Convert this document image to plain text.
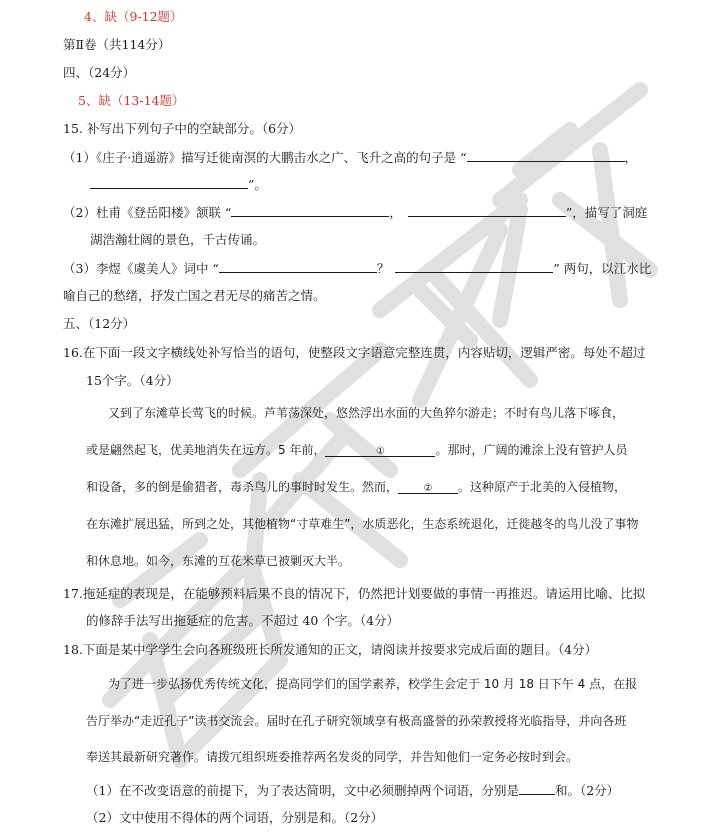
4、缺（9-12题）
第Ⅱ卷（共114分）
四、（24分）
5、缺（13-14题）
15. 补写出下列句子中的空缺部分。（6分）
（1）《庄子·逍遥游》描写迁徙南溟的大鹏击水之广、飞升之高的句子是 “	，
”。
（2）杜甫《登岳阳楼》颔联 “	，	”，描写了洞庭
湖浩瀚壮阔的景色，千古传诵。
（3）李煜《虞美人》词中 “	？	” 两句，以江水比
喻自己的愁绪，抒发亡国之君无尽的痛苦之情。
五、（12分）
16.在下面一段文字横线处补写恰当的语句，使整段文字语意完整连贯，内容贴切，逻辑严密。每处不超过
15个字。（4分）
又到了东滩草长莺飞的时候。芦苇荡深处，悠然浮出水面的大鱼猝尔游走；不时有鸟儿落下啄食，
或是翩然起飞，优美地消失在远方。5 年前，	①	。那时，广阔的滩涂上没有管护人员
和设备，多的倒是偷猎者，毒杀鸟儿的事时时发生。然而，	② 。这种原产于北美的入侵植物，
在东滩扩展迅猛，所到之处，其他植物“寸草难生”，水质恶化，生态系统退化，迁徙越冬的鸟儿没了事物
和休息地。如今，东滩的互花米草已被剿灭大半。
17.拖延症的表现是，在能够预料后果不良的情况下，仍然把计划要做的事情一再推迟。请运用比喻、比拟
的修辞手法写出拖延症的危害。不超过 40 个字。（4分）
18.下面是某中学学生会向各班级班长所发通知的正文，请阅读并按要求完成后面的题目。（4分）
为了进一步弘扬优秀传统文化，提高同学们的国学素养，校学生会定于 10 月 18 日下午 4 点，在报
告厅举办“走近孔子”读书交流会。届时在孔子研究领域享有极高盛誉的孙荣教授将光临指导，并向各班
奉送其最新研究著作。请拨冗组织班委推荐两名发炎的同学，并告知他们一定务必按时到会。
（1）在不改变语意的前提下，为了表达简明，文中必须删掉两个词语，分别是	和。（2分）
（2）文中使用不得体的两个词语，分别是和。（2分）
